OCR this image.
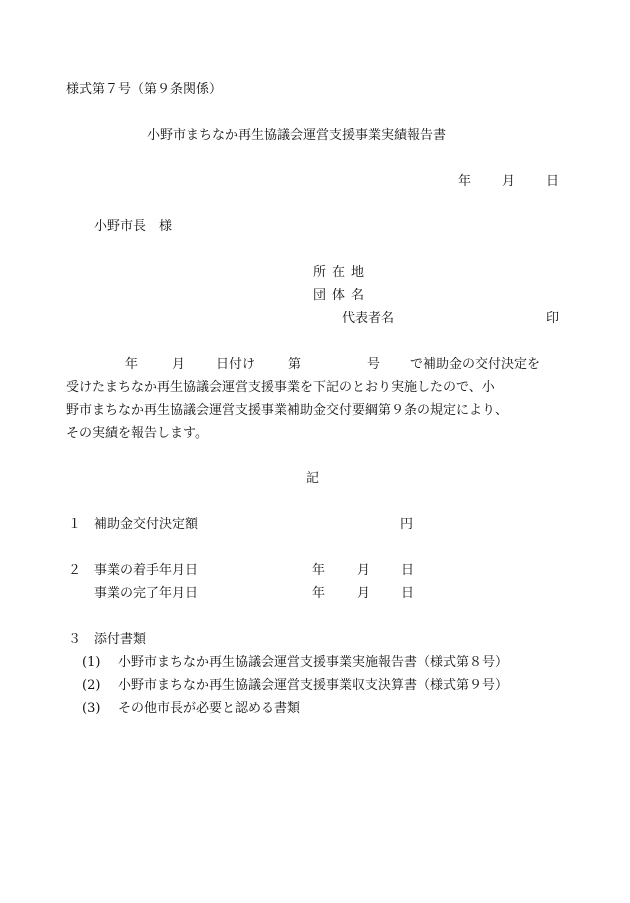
様式第７号（第９条関係）
小野市まちなか再生協議会運営支援事業実績報告書
年 月 日
小野市長　様
所在地
団体名
代表者名	印
年	月 日付け	第	号 で補助金の交付決定を
受けたまちなか再生協議会運営支援事業を下記のとおり実施したので、小
野市まちなか再生協議会運営支援事業補助金交付要綱第９条の規定により、
その実績を報告します。
記
１ 補助金交付決定額	円
２ 事業の着手年月日	年 月 日
事業の完了年月日	年 月 日
３ 添付書類
(1) 小野市まちなか再生協議会運営支援事業実施報告書（様式第８号）
(2) 小野市まちなか再生協議会運営支援事業収支決算書（様式第９号）
(3) その他市長が必要と認める書類
